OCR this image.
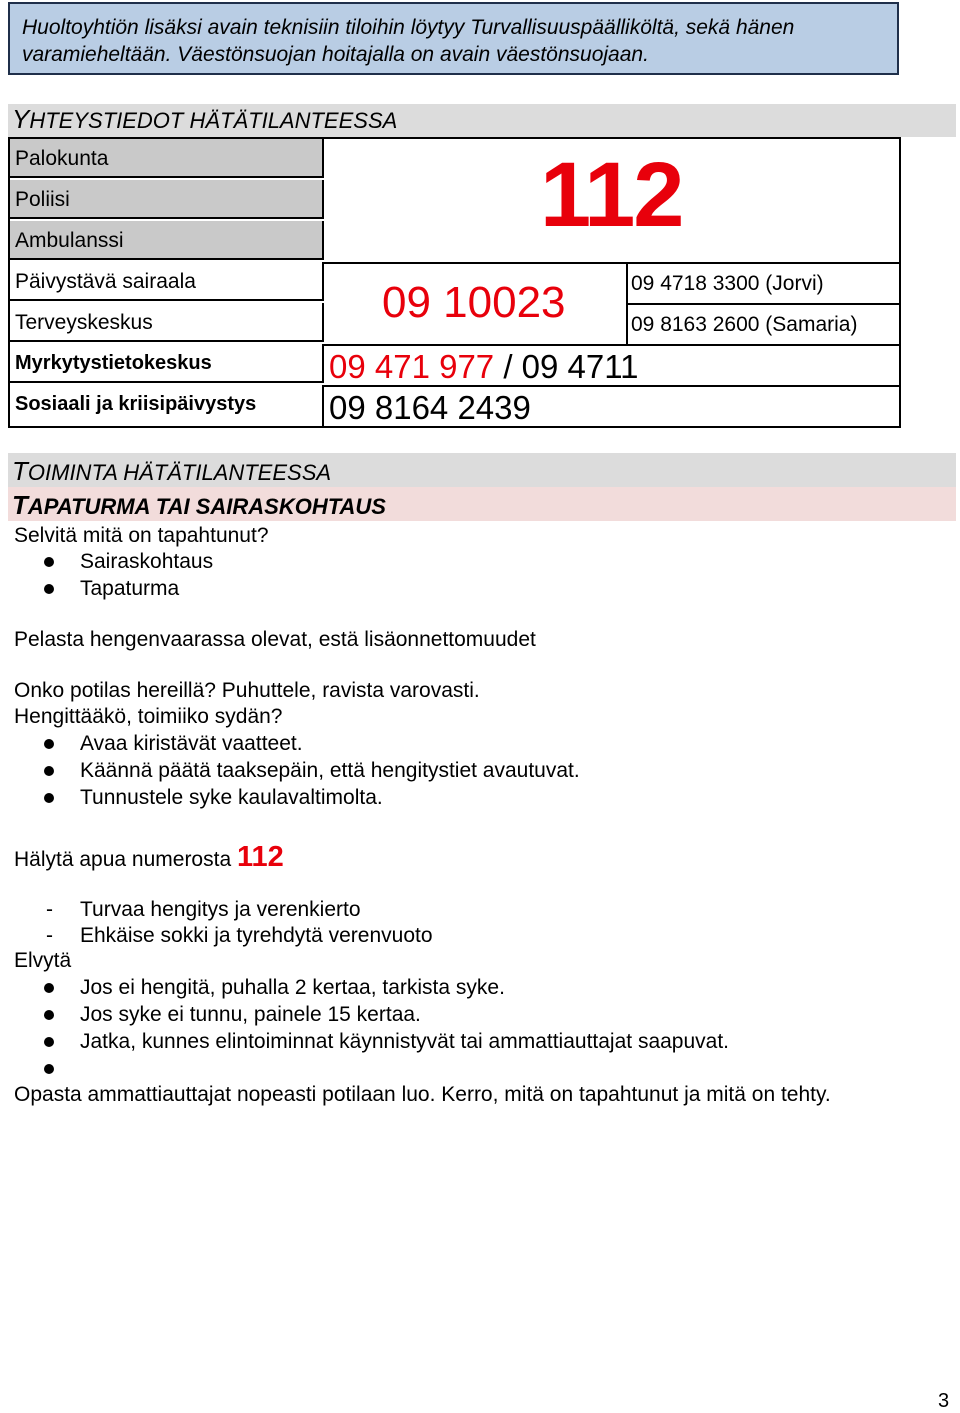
Huoltoyhtiön lisäksi avain teknisiin tiloihin löytyy Turvallisuuspäälliköltä, sekä hänen varamieheltään. Väestönsuojan hoitajalla on avain väestönsuojaan.
YHTEYSTIEDOT HÄTÄTILANTEESSA
Palokunta
Poliisi
Ambulanssi
Päivystävä sairaala
Terveyskeskus
Myrkytystietokeskus
Sosiaali ja kriisipäivystys
112
09 10023	09 4718 3300 (Jorvi)
09 8163 2600 (Samaria)
09 471 977 / 09 4711
09 8164 2439
TOIMINTA HÄTÄTILANTEESSA
TAPATURMA TAI SAIRASKOHTAUS
Selvitä mitä on tapahtunut?
Sairaskohtaus
Tapaturma
Pelasta hengenvaarassa olevat, estä lisäonnettomuudet
Onko potilas hereillä? Puhuttele, ravista varovasti.
Hengittääkö, toimiiko sydän?
Avaa kiristävät vaatteet.
Käännä päätä taaksepäin, että hengitystiet avautuvat.
Tunnustele syke kaulavaltimolta.
Hälytä apua numerosta 112
- Turvaa hengitys ja verenkierto
- Ehkäise sokki ja tyrehdytä verenvuoto
Elvytä
Jos ei hengitä, puhalla 2 kertaa, tarkista syke.
Jos syke ei tunnu, painele 15 kertaa.
Jatka, kunnes elintoiminnat käynnistyvät tai ammattiauttajat saapuvat.
Opasta ammattiauttajat nopeasti potilaan luo. Kerro, mitä on tapahtunut ja mitä on tehty.
3
